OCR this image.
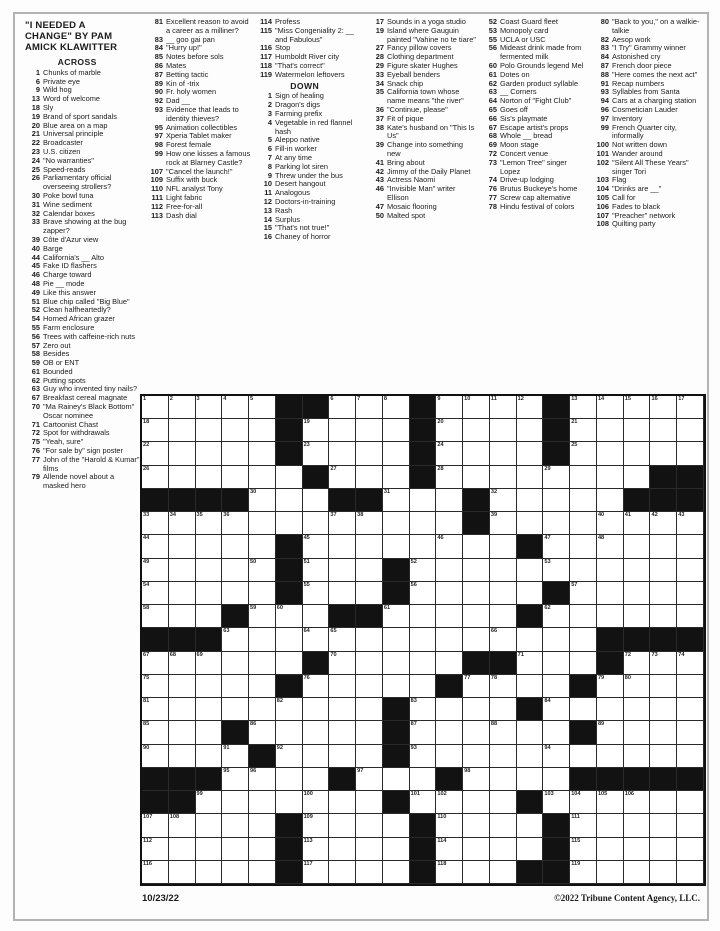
"I NEEDED A
CHANGE" BY PAM
AMICK KLAWITTER
ACROSS
1 Chunks of marble
6 Private eye
9 Wild hog
13 Word of welcome
18 Sly
19 Brand of sport sandals
20 Blue area on a map
21 Universal principle
22 Broadcaster
23 U.S. citizen
24 "No warranties"
25 Speed-reads
26 Parliamentary official overseeing strollers?
30 Poke bowl tuna
31 Wine sediment
32 Calendar boxes
33 Brave showing at the bug zapper?
39 Côte d'Azur view
40 Barge
44 California's __ Alto
45 Fake ID flashers
46 Charge toward
48 Pie __ mode
49 Like this answer
51 Blue chip called "Big Blue"
52 Clean halfheartedly?
54 Horned African grazer
55 Farm enclosure
56 Trees with caffeine-rich nuts
57 Zero out
58 Besides
59 OB or ENT
61 Bounded
62 Putting spots
63 Guy who invented tiny nails?
67 Breakfast cereal magnate
70 "Ma Rainey's Black Bottom" Oscar nominee
71 Cartoonist Chast
72 Spot for withdrawals
75 "Yeah, sure"
76 "For sale by" sign poster
77 John of the "Harold & Kumar" films
79 Allende novel about a masked hero
81 Excellent reason to avoid a career as a milliner?
83 __ goo gai pan
84 "Hurry up!"
85 Notes before sols
86 Mates
87 Betting tactic
89 Kin of -trix
90 Fr. holy women
92 Dad __
93 Evidence that leads to identity thieves?
95 Animation collectibles
97 Xperia Tablet maker
98 Forest female
99 How one kisses a famous rock at Blarney Castle?
107 "Cancel the launch!"
109 Suffix with buck
110 NFL analyst Tony
111 Light fabric
112 Free-for-all
113 Dash dial
114 Profess
115 "Miss Congeniality 2: __ and Fabulous"
116 Stop
117 Humboldt River city
118 "That's correct"
119 Watermelon leftovers
DOWN
1 Sign of healing
2 Dragon's digs
3 Farming prefix
4 Vegetable in red flannel hash
5 Aleppo native
6 Fill-in worker
7 At any time
8 Parking lot siren
9 Threw under the bus
10 Desert hangout
11 Analogous
12 Doctors-in-training
13 Rash
14 Surplus
15 "That's not true!"
16 Chaney of horror
17 Sounds in a yoga studio
19 Island where Gauguin painted "Vahine no te tiare"
27 Fancy pillow covers
28 Clothing department
29 Figure skater Hughes
33 Eyeball benders
34 Snack chip
35 California town whose name means "the river"
36 "Continue, please"
37 Fit of pique
38 Kate's husband on "This Is Us"
39 Change into something new
41 Bring about
42 Jimmy of the Daily Planet
43 Actress Naomi
46 "Invisible Man" writer Ellison
47 Mosaic flooring
50 Malted spot
52 Coast Guard fleet
53 Monopoly card
55 UCLA or USC
56 Mideast drink made from fermented milk
60 Polo Grounds legend Mel
61 Dotes on
62 Garden product syllable
63 __ Corners
64 Norton of "Fight Club"
65 Goes off
66 Sis's playmate
67 Escape artist's props
68 Whole __ bread
69 Moon stage
72 Concert venue
73 "Lemon Tree" singer Lopez
74 Drive-up lodging
76 Brutus Buckeye's home
77 Screw cap alternative
78 Hindu festival of colors
80 "Back to you," on a walkie-talkie
82 Aesop work
83 "I Try" Grammy winner
84 Astonished cry
87 French door piece
88 "Here comes the next act"
91 Recap numbers
93 Syllables from Santa
94 Cars at a charging station
96 Cosmetician Lauder
97 Inventory
99 French Quarter city, informally
100 Not written down
101 Wander around
102 "Silent All These Years" singer Tori
103 Flag
104 "Drinks are __"
105 Call for
106 Fades to black
107 "Preacher" network
108 Quilting party
1	2	3	4	5	6	7	8	9	10	11	12	13	14	15	16	17
18	19	20	21
22	23	24	25
26	27	28	29
30	31	32
33	34	35	36	37	38	39	40	41	42	43
44	45	46	47	48
49	50	51	52	53
54	55	56	57
58	59	60	61	62
63	64	65	66
67	68	69	70	71	72	73	74
75	76	77	78	79	80
81	82	83	84
85	86	87	88	89
90	91	92	93	94
95	96	97	98
99	100	101	102	103	104	105	106
107	108	109	110	111
112	113	114	115
116	117	118	119
10/23/22	©2022 Tribune Content Agency, LLC.
